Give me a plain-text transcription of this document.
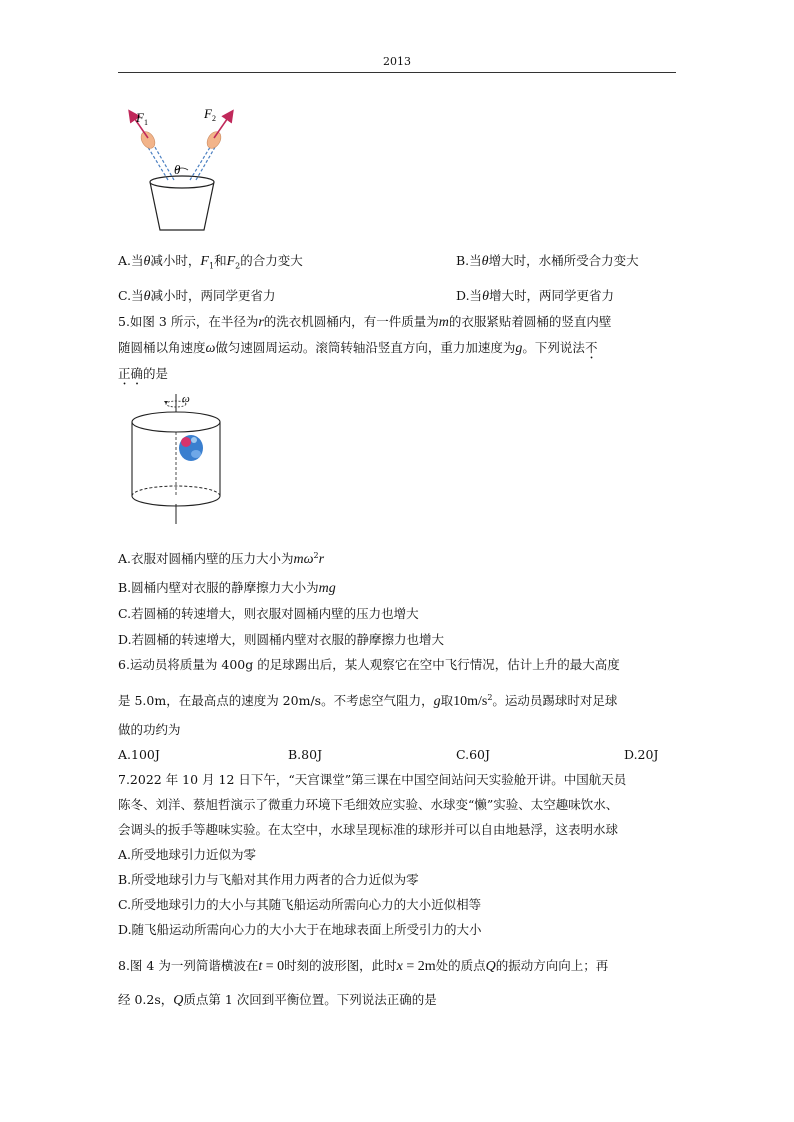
2013
θ
$F_1$
$F_2$
A.当θ减小时，$F_1$和$F_2$的合力变大	B.当θ增大时，水桶所受合力变大
C.当θ减小时，两同学更省力	D.当θ增大时，两同学更省力
5.如图 3 所示，在半径为r的洗衣机圆桶内，有一件质量为m的衣服紧贴着圆桶的竖直内壁
随圆桶以角速度ω做匀速圆周运动。滚筒转轴沿竖直方向，重力加速度为g。下列说法不
正确的是
ω
A.衣服对圆桶内壁的压力大小为$m\omega^2r$
B.圆桶内壁对衣服的静摩擦力大小为mg
C.若圆桶的转速增大，则衣服对圆桶内壁的压力也增大
D.若圆桶的转速增大，则圆桶内壁对衣服的静摩擦力也增大
6.运动员将质量为 400g 的足球踢出后，某人观察它在空中飞行情况，估计上升的最大高度
是 5.0m，在最高点的速度为 20m/s。不考虑空气阻力，g取$10m/s^2$。运动员踢球时对足球
做的功约为
A.100J	B.80J	C.60J	D.20J
7.2022 年 10 月 12 日下午，“天宫课堂”第三课在中国空间站问天实验舱开讲。中国航天员
陈冬、刘洋、蔡旭哲演示了微重力环境下毛细效应实验、水球变“懒”实验、太空趣味饮水、
会调头的扳手等趣味实验。在太空中，水球呈现标准的球形并可以自由地悬浮，这表明水球
A.所受地球引力近似为零
B.所受地球引力与飞船对其作用力两者的合力近似为零
C.所受地球引力的大小与其随飞船运动所需向心力的大小近似相等
D.随飞船运动所需向心力的大小大于在地球表面上所受引力的大小
8.图 4 为一列简谐横波在t = 0时刻的波形图，此时x = 2m处的质点Q的振动方向向上；再
经 0.2s，Q质点第 1 次回到平衡位置。下列说法正确的是
